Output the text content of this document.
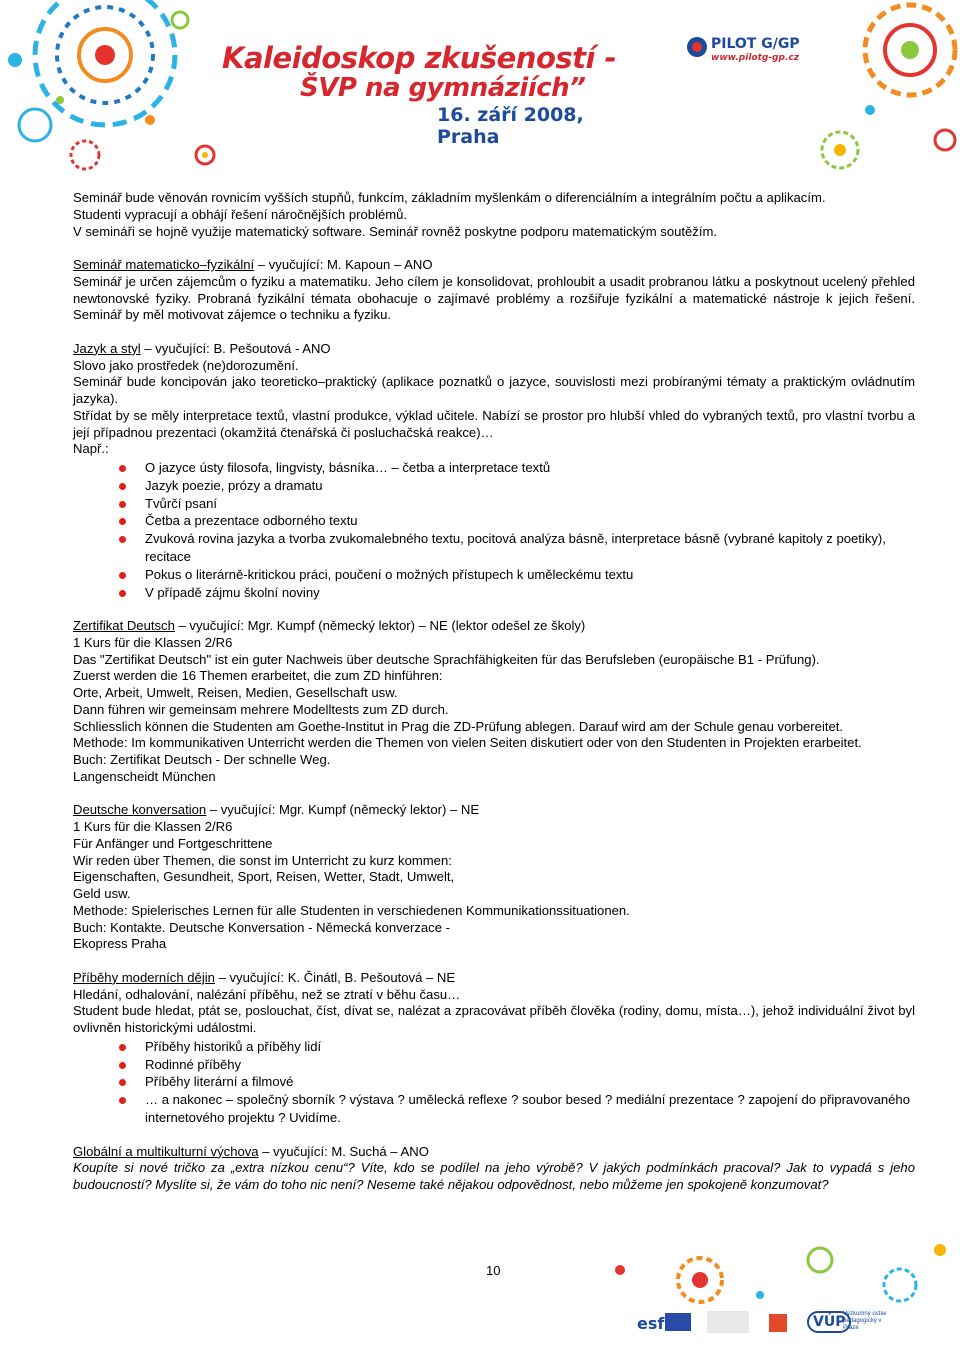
Kaleidoskop zkušeností -
ŠVP na gymnáziích”
16. září 2008, Praha
PILOT G/GP
www.pilotg-gp.cz

Seminář bude věnován rovnicím vyšších stupňů, funkcím, základním myšlenkám o diferenciálním a integrálním počtu a aplikacím.

Studenti vypracují a obhájí řešení náročnějších problémů.

V semináři se hojně využije matematický software. Seminář rovněž poskytne podporu matematickým soutěžím.

Seminář matematicko–fyzikální – vyučující: M. Kapoun – ANO

Seminář je určen zájemcům o fyziku a matematiku. Jeho cílem je konsolidovat, prohloubit a usadit probranou látku a poskytnout ucelený přehled newtonovské fyziky. Probraná fyzikální témata obohacuje o zajímavé problémy a rozšiřuje fyzikální a matematické nástroje k jejich řešení. Seminář by měl motivovat zájemce o techniku a fyziku.

Jazyk a styl – vyučující: B. Pešoutová - ANO

Slovo jako prostředek (ne)dorozumění.

Seminář bude koncipován jako teoreticko–praktický (aplikace poznatků o jazyce, souvislosti mezi probíranými tématy a praktickým ovládnutím jazyka).

Střídat by se měly interpretace textů, vlastní produkce, výklad učitele. Nabízí se prostor pro hlubší vhled do vybraných textů, pro vlastní tvorbu a její případnou prezentaci (okamžitá čtenářská či posluchačská reakce)…

Např.:

O jazyce ústy filosofa, lingvisty, básníka… – četba a interpretace textů
Jazyk poezie, prózy a dramatu
Tvůrčí psaní
Četba a prezentace odborného textu
Zvuková rovina jazyka a tvorba zvukomalebného textu, pocitová analýza básně, interpretace básně (vybrané kapitoly z poetiky), recitace
Pokus o literárně-kritickou práci, poučení o možných přístupech k uměleckému textu
V případě zájmu školní noviny

Zertifikat Deutsch – vyučující: Mgr. Kumpf (německý lektor) – NE (lektor odešel ze školy)

1 Kurs für die Klassen 2/R6

Das "Zertifikat Deutsch" ist ein guter Nachweis über deutsche Sprachfähigkeiten für das Berufsleben (europäische B1 - Prüfung).

Zuerst werden die 16 Themen erarbeitet, die zum ZD hinführen:

Orte, Arbeit, Umwelt, Reisen, Medien, Gesellschaft usw.

Dann führen wir gemeinsam mehrere Modelltests zum ZD durch.

Schliesslich können die Studenten am Goethe-Institut in Prag die ZD-Prüfung ablegen. Darauf wird am der Schule genau vorbereitet.

Methode: Im kommunikativen Unterricht werden die Themen von vielen Seiten diskutiert oder von den Studenten in Projekten erarbeitet.

Buch: Zertifikat Deutsch - Der schnelle Weg.

Langenscheidt München

Deutsche konversation – vyučující: Mgr. Kumpf (německý lektor) – NE

1 Kurs für die Klassen 2/R6

Für Anfänger und Fortgeschrittene

Wir reden über Themen, die sonst im Unterricht zu kurz kommen:

Eigenschaften, Gesundheit, Sport, Reisen, Wetter, Stadt, Umwelt,

Geld usw.

Methode: Spielerisches Lernen für alle Studenten in verschiedenen Kommunikationssituationen.

Buch: Kontakte. Deutsche Konversation - Německá konverzace -

Ekopress Praha

Příběhy moderních dějin – vyučující: K. Činátl, B. Pešoutová – NE

Hledání, odhalování, nalézání příběhu, než se ztratí v běhu času…

Student bude hledat, ptát se, poslouchat, číst, dívat se, nalézat a zpracovávat příběh člověka (rodiny, domu, místa…), jehož individuální život byl ovlivněn historickými událostmi.

Příběhy historiků a příběhy lidí
Rodinné příběhy
Příběhy literární a filmové
… a nakonec – společný sborník ? výstava ? umělecká reflexe ? soubor besed ? mediální prezentace ? zapojení do připravovaného internetového projektu ? Uvidíme.

Globální a multikulturní výchova – vyučující: M. Suchá – ANO

Koupíte si nové tričko za „extra nízkou cenu“? Víte, kdo se podílel na jeho výrobě? V jakých podmínkách pracoval? Jak to vypadá s jeho budoucností? Myslíte si, že vám do toho nic není? Neseme také nějakou odpovědnost, nebo můžeme jen spokojeně konzumovat?

10
esf	VÚP
Výzkumný ústav pedagogický v Praze
